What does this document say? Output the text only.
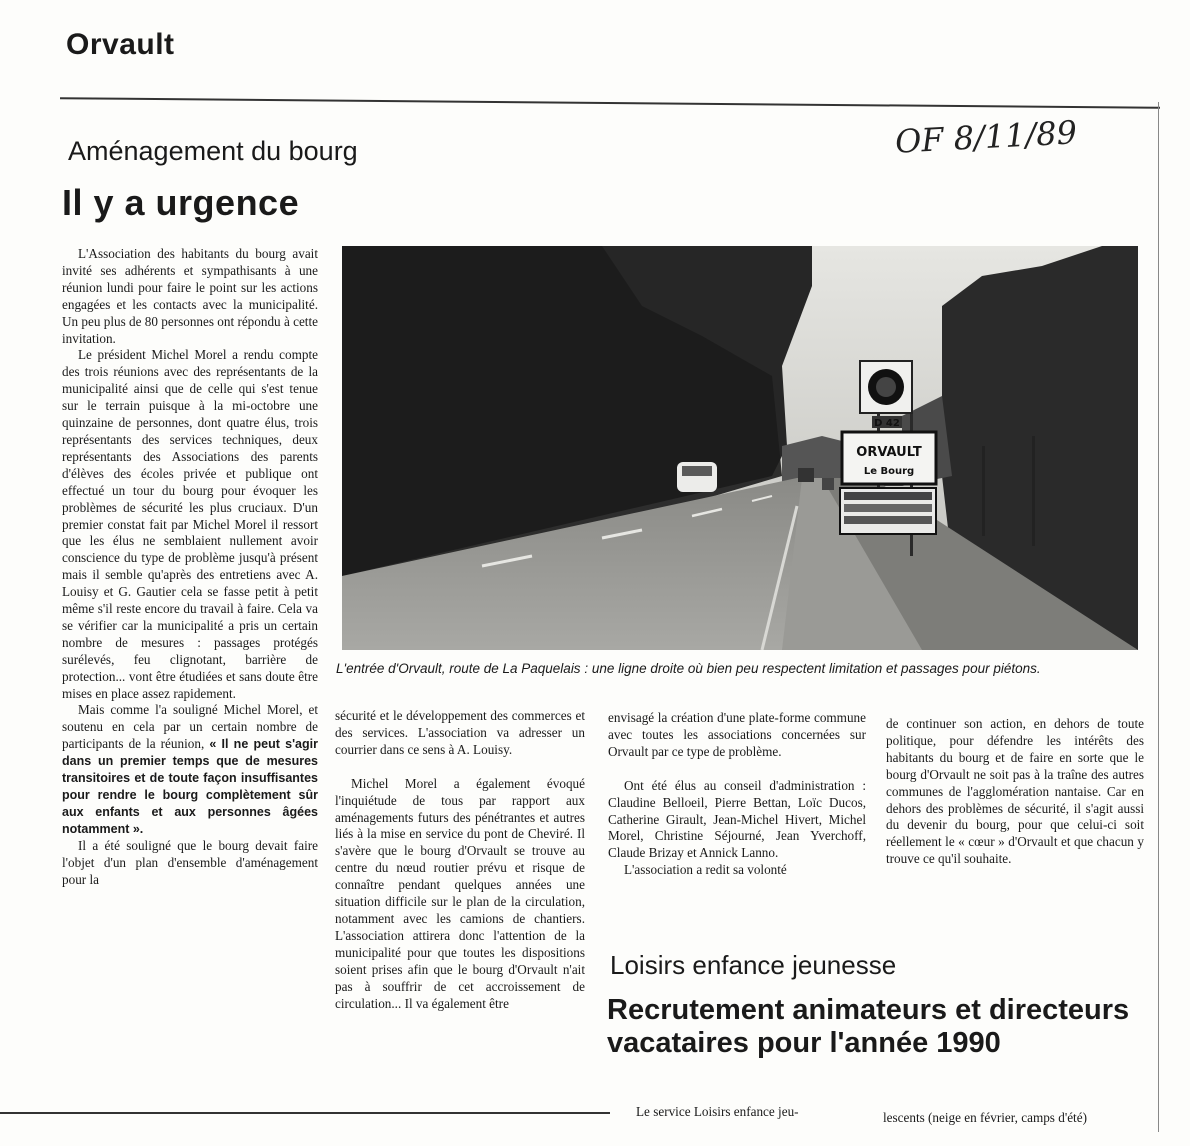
Orvault
OF 8/11/89
Aménagement du bourg
Il y a urgence

L'Association des habitants du bourg avait invité ses adhérents et sympathisants à une réunion lundi pour faire le point sur les actions engagées et les contacts avec la municipalité. Un peu plus de 80 personnes ont répondu à cette invitation.

Le président Michel Morel a rendu compte des trois réunions avec des représentants de la municipalité ainsi que de celle qui s'est tenue sur le terrain puisque à la mi-octobre une quinzaine de personnes, dont quatre élus, trois représentants des services techniques, deux représentants des Associations des parents d'élèves des écoles privée et publique ont effectué un tour du bourg pour évoquer les problèmes de sécurité les plus cruciaux. D'un premier constat fait par Michel Morel il ressort que les élus ne semblaient nullement avoir conscience du type de problème jusqu'à présent mais il semble qu'après des entretiens avec A. Louisy et G. Gautier cela se fasse petit à petit même s'il reste encore du travail à faire. Cela va se vérifier car la municipalité a pris un certain nombre de mesures : passages protégés surélevés, feu clignotant, barrière de protection... vont être étudiées et sans doute être mises en place assez rapidement.

Mais comme l'a souligné Michel Morel, et soutenu en cela par un certain nombre de participants de la réunion, « Il ne peut s'agir dans un premier temps que de mesures transitoires et de toute façon insuffisantes pour rendre le bourg complètement sûr aux enfants et aux personnes âgées notamment ».

Il a été souligné que le bourg devait faire l'objet d'un plan d'ensemble d'aménagement pour la

D 42
ORVAULT
Le Bourg
L'entrée d'Orvault, route de La Paquelais : une ligne droite où bien peu respectent limitation et passages pour piétons.

sécurité et le développement des commerces et des services. L'association va adresser un courrier dans ce sens à A. Louisy.

Michel Morel a également évoqué l'inquiétude de tous par rapport aux aménagements futurs des pénétrantes et autres liés à la mise en service du pont de Cheviré. Il s'avère que le bourg d'Orvault se trouve au centre du nœud routier prévu et risque de connaître pendant quelques années une situation difficile sur le plan de la circulation, notamment avec les camions de chantiers. L'association attirera donc l'attention de la municipalité pour que toutes les dispositions soient prises afin que le bourg d'Orvault n'ait pas à souffrir de cet accroissement de circulation... Il va également être

envisagé la création d'une plate-forme commune avec toutes les associations concernées sur Orvault par ce type de problème.

Ont été élus au conseil d'administration : Claudine Belloeil, Pierre Bettan, Loïc Ducos, Catherine Girault, Jean-Michel Hivert, Michel Morel, Christine Séjourné, Jean Yverchoff, Claude Brizay et Annick Lanno.

L'association a redit sa volonté

de continuer son action, en dehors de toute politique, pour défendre les intérêts des habitants du bourg et de faire en sorte que le bourg d'Orvault ne soit pas à la traîne des autres communes de l'agglomération nantaise. Car en dehors des problèmes de sécurité, il s'agit aussi du devenir du bourg, pour que celui-ci soit réellement le « cœur » d'Orvault et que chacun y trouve ce qu'il souhaite.

Loisirs enfance jeunesse
Recrutement animateurs et directeurs vacataires pour l'année 1990
Le service Loisirs enfance jeu-	lescents (neige en février, camps d'été)
